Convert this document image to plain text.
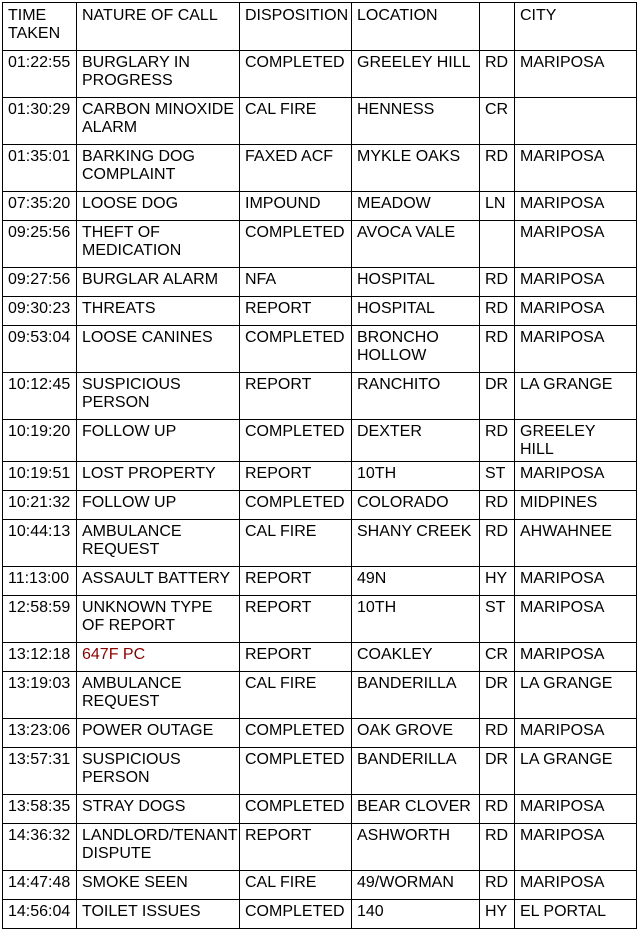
TIME
TAKEN	NATURE OF CALL	DISPOSITION	LOCATION		CITY
01:22:55	BURGLARY IN
PROGRESS	COMPLETED	GREELEY HILL	RD	MARIPOSA
01:30:29	CARBON MINOXIDE
ALARM	CAL FIRE	HENNESS	CR	
01:35:01	BARKING DOG
COMPLAINT	FAXED ACF	MYKLE OAKS	RD	MARIPOSA
07:35:20	LOOSE DOG	IMPOUND	MEADOW	LN	MARIPOSA
09:25:56	THEFT OF
MEDICATION	COMPLETED	AVOCA VALE		MARIPOSA
09:27:56	BURGLAR ALARM	NFA	HOSPITAL	RD	MARIPOSA
09:30:23	THREATS	REPORT	HOSPITAL	RD	MARIPOSA
09:53:04	LOOSE CANINES	COMPLETED	BRONCHO
HOLLOW	RD	MARIPOSA
10:12:45	SUSPICIOUS
PERSON	REPORT	RANCHITO	DR	LA GRANGE
10:19:20	FOLLOW UP	COMPLETED	DEXTER	RD	GREELEY HILL
10:19:51	LOST PROPERTY	REPORT	10TH	ST	MARIPOSA
10:21:32	FOLLOW UP	COMPLETED	COLORADO	RD	MIDPINES
10:44:13	AMBULANCE
REQUEST	CAL FIRE	SHANY CREEK	RD	AHWAHNEE
11:13:00	ASSAULT BATTERY	REPORT	49N	HY	MARIPOSA
12:58:59	UNKNOWN TYPE
OF REPORT	REPORT	10TH	ST	MARIPOSA
13:12:18	647F PC	REPORT	COAKLEY	CR	MARIPOSA
13:19:03	AMBULANCE
REQUEST	CAL FIRE	BANDERILLA	DR	LA GRANGE
13:23:06	POWER OUTAGE	COMPLETED	OAK GROVE	RD	MARIPOSA
13:57:31	SUSPICIOUS
PERSON	COMPLETED	BANDERILLA	DR	LA GRANGE
13:58:35	STRAY DOGS	COMPLETED	BEAR CLOVER	RD	MARIPOSA
14:36:32	LANDLORD/TENANT
DISPUTE	REPORT	ASHWORTH	RD	MARIPOSA
14:47:48	SMOKE SEEN	CAL FIRE	49/WORMAN	RD	MARIPOSA
14:56:04	TOILET ISSUES	COMPLETED	140	HY	EL PORTAL
